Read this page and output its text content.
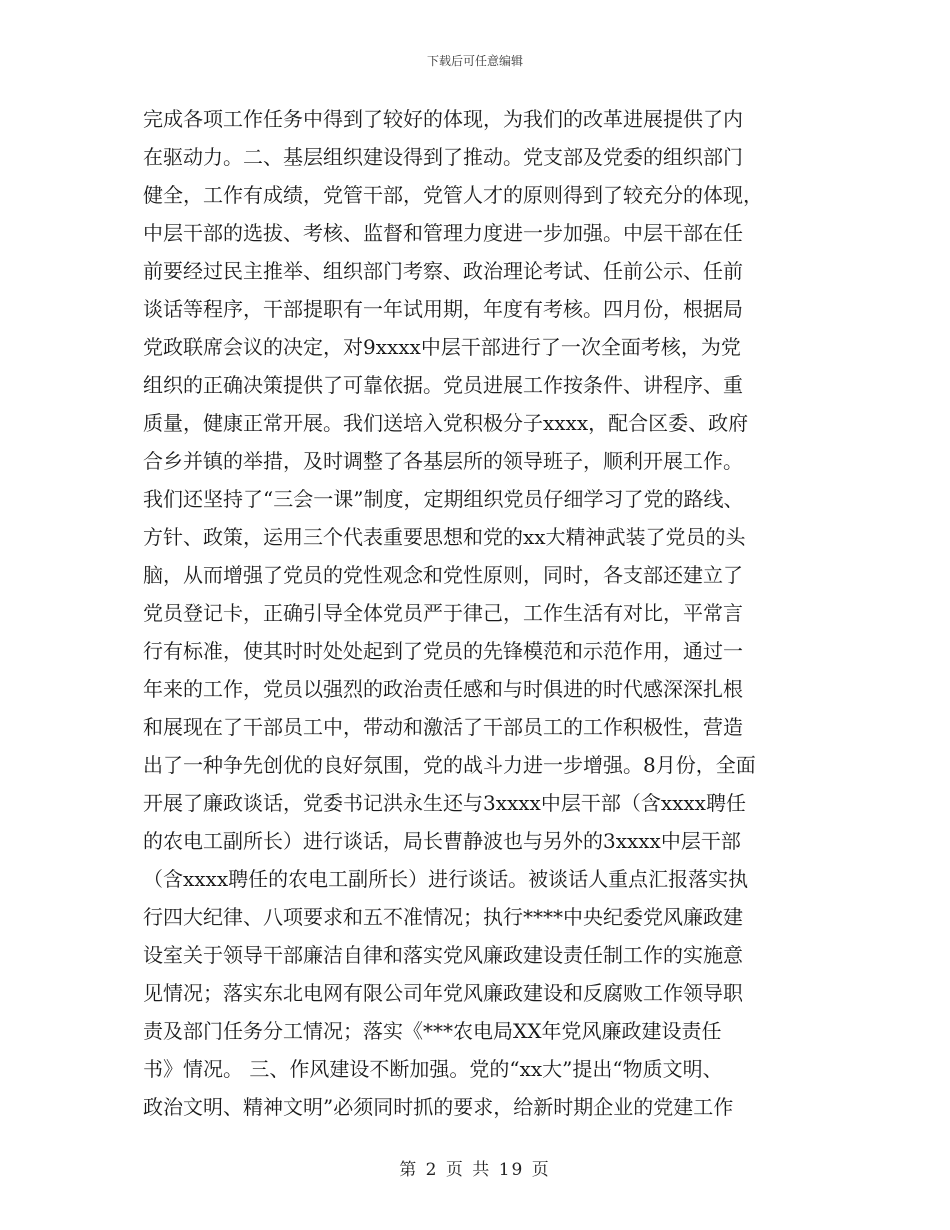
下载后可任意编辑
完成各项工作任务中得到了较好的体现，为我们的改革进展提供了内
在驱动力。二、基层组织建设得到了推动。党支部及党委的组织部门
健全，工作有成绩，党管干部，党管人才的原则得到了较充分的体现，
中层干部的选拔、考核、监督和管理力度进一步加强。中层干部在任
前要经过民主推举、组织部门考察、政治理论考试、任前公示、任前
谈话等程序，干部提职有一年试用期，年度有考核。四月份，根据局
党政联席会议的决定，对9xxxx中层干部进行了一次全面考核，为党
组织的正确决策提供了可靠依据。党员进展工作按条件、讲程序、重
质量，健康正常开展。我们送培入党积极分子xxxx，配合区委、政府
合乡并镇的举措，及时调整了各基层所的领导班子，顺利开展工作。
我们还坚持了“三会一课”制度，定期组织党员仔细学习了党的路线、
方针、政策，运用三个代表重要思想和党的xx大精神武装了党员的头
脑，从而增强了党员的党性观念和党性原则，同时，各支部还建立了
党员登记卡，正确引导全体党员严于律己，工作生活有对比，平常言
行有标准，使其时时处处起到了党员的先锋模范和示范作用，通过一
年来的工作，党员以强烈的政治责任感和与时俱进的时代感深深扎根
和展现在了干部员工中，带动和激活了干部员工的工作积极性，营造
出了一种争先创优的良好氛围，党的战斗力进一步增强。8月份，全面
开展了廉政谈话，党委书记洪永生还与3xxxx中层干部（含xxxx聘任
的农电工副所长）进行谈话，局长曹静波也与另外的3xxxx中层干部
（含xxxx聘任的农电工副所长）进行谈话。被谈话人重点汇报落实执
行四大纪律、八项要求和五不准情况；执行****中央纪委党风廉政建
设室关于领导干部廉洁自律和落实党风廉政建设责任制工作的实施意
见情况；落实东北电网有限公司年党风廉政建设和反腐败工作领导职
责及部门任务分工情况；落实《***农电局XX年党风廉政建设责任
书》情况。 三、作风建设不断加强。党的“xx大”提出“物质文明、
政治文明、精神文明”必须同时抓的要求，给新时期企业的党建工作
第 2 页 共 19 页
